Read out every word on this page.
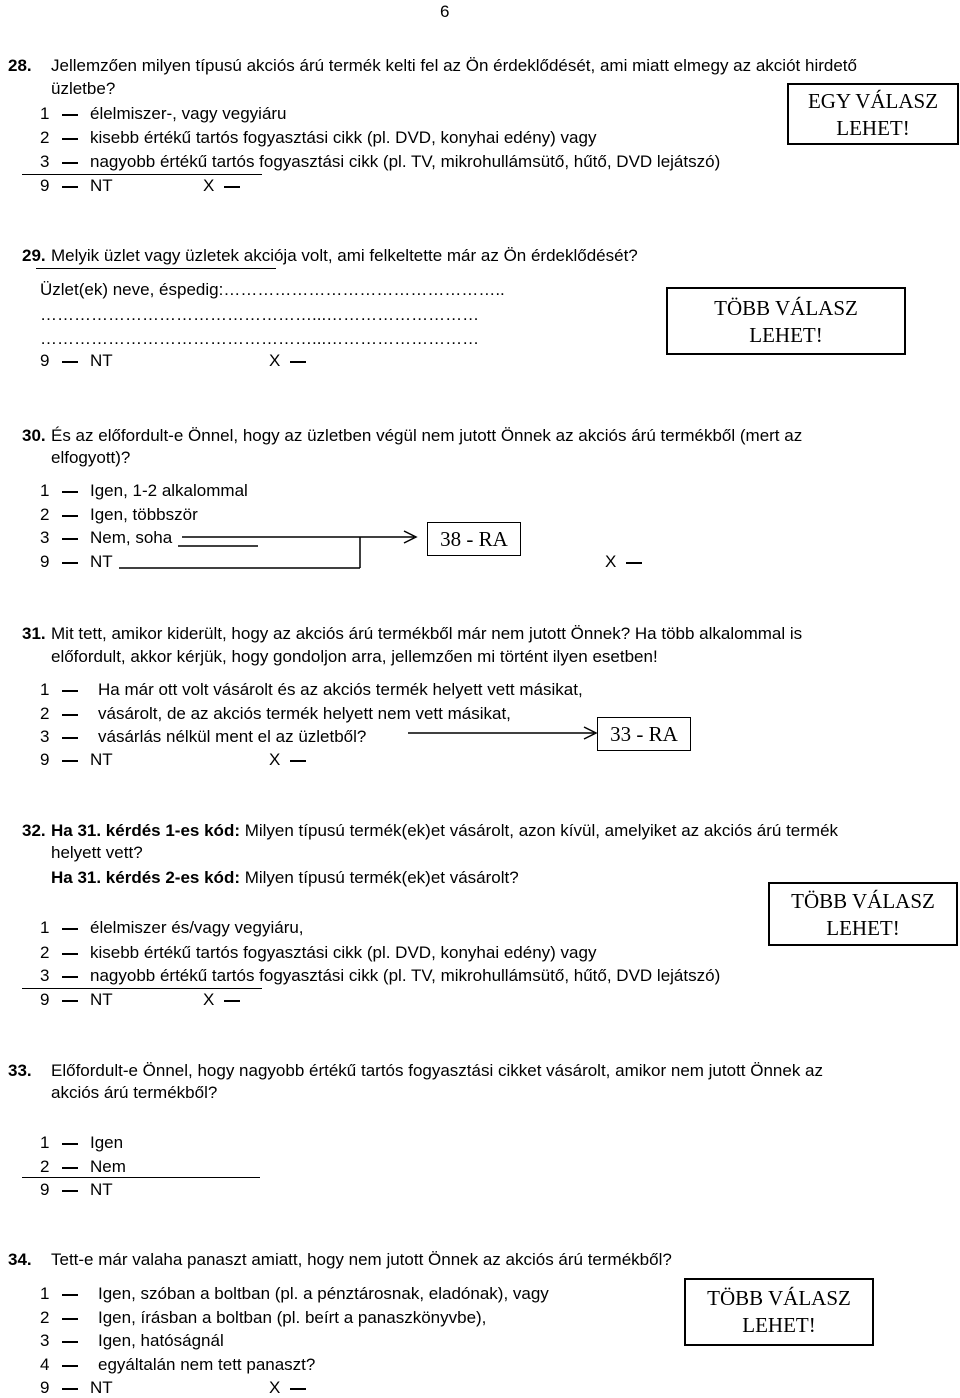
6
28. Jellemzően milyen típusú akciós árú termék kelti fel az Ön érdeklődését, ami miatt elmegy az akciót hirdető
üzletbe?
1 élelmiszer-, vagy vegyiáru
2 kisebb értékű tartós fogyasztási cikk (pl. DVD, konyhai edény) vagy
3 nagyobb értékű tartós fogyasztási cikk (pl. TV, mikrohullámsütő, hűtő, DVD lejátszó)
9 NT	X
EGY VÁLASZ
LEHET!
29. Melyik üzlet vagy üzletek akciója volt, ami felkeltette már az Ön érdeklődését?
Üzlet(ek) neve, éspedig:…………………………………………..
…………………………………………...………………………
…………………………………………...………………………
9 NT	X
TÖBB VÁLASZ
LEHET!
30. És az előfordult-e Önnel, hogy az üzletben végül nem jutott Önnek az akciós árú termékből (mert az
elfogyott)?
1 Igen, 1-2 alkalommal
2 Igen, többször
3 Nem, soha
9 NT	X
38 - RA
31. Mit tett, amikor kiderült, hogy az akciós árú termékből már nem jutott Önnek? Ha több alkalommal is
előfordult, akkor kérjük, hogy gondoljon arra, jellemzően mi történt ilyen esetben!
1	Ha már ott volt vásárolt és az akciós termék helyett vett másikat,
2	vásárolt, de az akciós termék helyett nem vett másikat,
3	vásárlás nélkül ment el az üzletből?
9 NT	X
33 - RA
32. Ha 31. kérdés 1-es kód: Milyen típusú termék(ek)et vásárolt, azon kívül, amelyiket az akciós árú termék
helyett vett?
Ha 31. kérdés 2-es kód: Milyen típusú termék(ek)et vásárolt?
1 élelmiszer és/vagy vegyiáru,
2 kisebb értékű tartós fogyasztási cikk (pl. DVD, konyhai edény) vagy
3 nagyobb értékű tartós fogyasztási cikk (pl. TV, mikrohullámsütő, hűtő, DVD lejátszó)
9 NT	X
TÖBB VÁLASZ
LEHET!
33. Előfordult-e Önnel, hogy nagyobb értékű tartós fogyasztási cikket vásárolt, amikor nem jutott Önnek az
akciós árú termékből?
1 Igen
2 Nem
9 NT
34. Tett-e már valaha panaszt amiatt, hogy nem jutott Önnek az akciós árú termékből?
1	Igen, szóban a boltban (pl. a pénztárosnak, eladónak), vagy
2	Igen, írásban a boltban (pl. beírt a panaszkönyvbe),
3	Igen, hatóságnál
4	egyáltalán nem tett panaszt?
9 NT	X
TÖBB VÁLASZ
LEHET!
